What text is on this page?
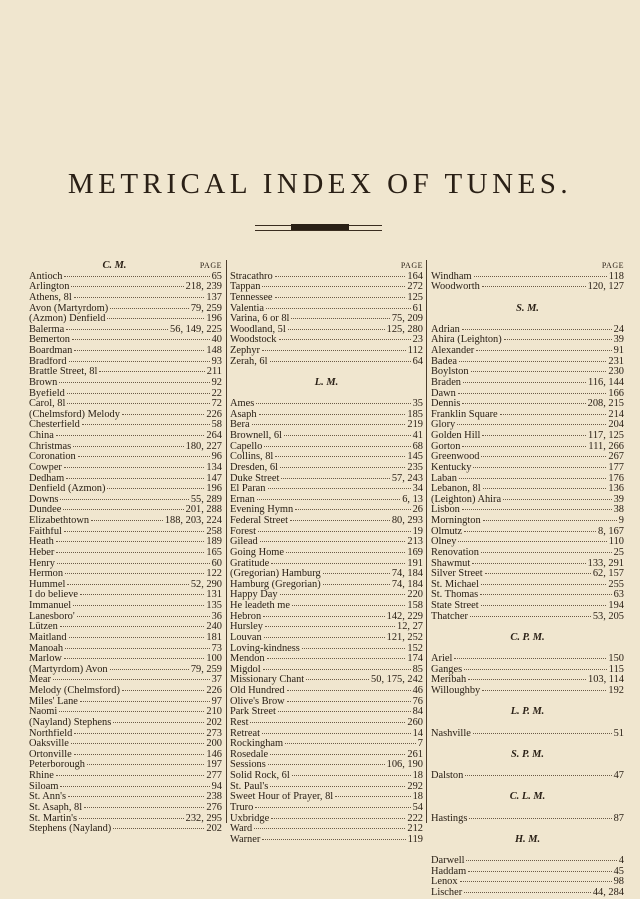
METRICAL INDEX OF TUNES.
C. M.	PAGE
Antioch	65
Arlington	218, 239
Athens, 8l	137
Avon (Martyrdom)	79, 259
(Azmon) Denfield	196
Balerma	56, 149, 225
Bemerton	40
Boardman	148
Bradford	93
Brattle Street, 8l	211
Brown	92
Byefield	22
Carol, 8l	72
(Chelmsford) Melody	226
Chesterfield	58
China	264
Christmas	180, 227
Coronation	96
Cowper	134
Dedham	147
Denfield (Azmon)	196
Downs	55, 289
Dundee	201, 288
Elizabethtown	188, 203, 224
Faithful	258
Heath	189
Heber	165
Henry	60
Hermon	122
Hummel	52, 290
I do believe	131
Immanuel	135
Lanesboro'	36
Lützen	240
Maitland	181
Manoah	73
Marlow	100
(Martyrdom) Avon	79, 259
Mear	37
Melody (Chelmsford)	226
Miles' Lane	97
Naomi	210
(Nayland) Stephens	202
Northfield	273
Oaksville	200
Ortonville	146
Peterborough	197
Rhine	277
Siloam	94
St. Ann's	238
St. Asaph, 8l	276
St. Martin's	232, 295
Stephens (Nayland)	202
PAGE
Stracathro	164
Tappan	272
Tennessee	125
Valentia	61
Varina, 6 or 8l	75, 209
Woodland, 5l	125, 280
Woodstock	23
Zephyr	112
Zerah, 6l	64
L. M.
Ames	35
Asaph	185
Bera	219
Brownell, 6l	41
Capello	68
Collins, 8l	145
Dresden, 6l	235
Duke Street	57, 243
El Paran	34
Ernan	6, 13
Evening Hymn	26
Federal Street	80, 293
Forest	19
Gilead	213
Going Home	169
Gratitude	191
(Gregorian) Hamburg	74, 184
Hamburg (Gregorian)	74, 184
Happy Day	220
He leadeth me	158
Hebron	142, 229
Hursley	12, 27
Louvan	121, 252
Loving-kindness	152
Mendon	174
Migdol	85
Missionary Chant	50, 175, 242
Old Hundred	46
Olive's Brow	76
Park Street	84
Rest	260
Retreat	14
Rockingham	7
Rosedale	261
Sessions	106, 190
Solid Rock, 6l	18
St. Paul's	292
Sweet Hour of Prayer, 8l	18
Truro	54
Uxbridge	222
Ward	212
Warner	119
PAGE
Windham	118
Woodworth	120, 127
S. M.
Adrian	24
Ahira (Leighton)	39
Alexander	91
Badea	231
Boylston	230
Braden	116, 144
Dawn	166
Dennis	208, 215
Franklin Square	214
Glory	204
Golden Hill	117, 125
Gorton	111, 266
Greenwood	267
Kentucky	177
Laban	176
Lebanon, 8l	136
(Leighton) Ahira	39
Lisbon	38
Mornington	9
Olmutz	8, 167
Olney	110
Renovation	25
Shawmut	133, 291
Silver Street	62, 157
St. Michael	255
St. Thomas	63
State Street	194
Thatcher	53, 205
C. P. M.
Ariel	150
Ganges	115
Meribah	103, 114
Willoughby	192
L. P. M.
Nashville	51
S. P. M.
Dalston	47
C. L. M.
Hastings	87
H. M.
Darwell	4
Haddam	45
Lenox	98
Lischer	44, 284
